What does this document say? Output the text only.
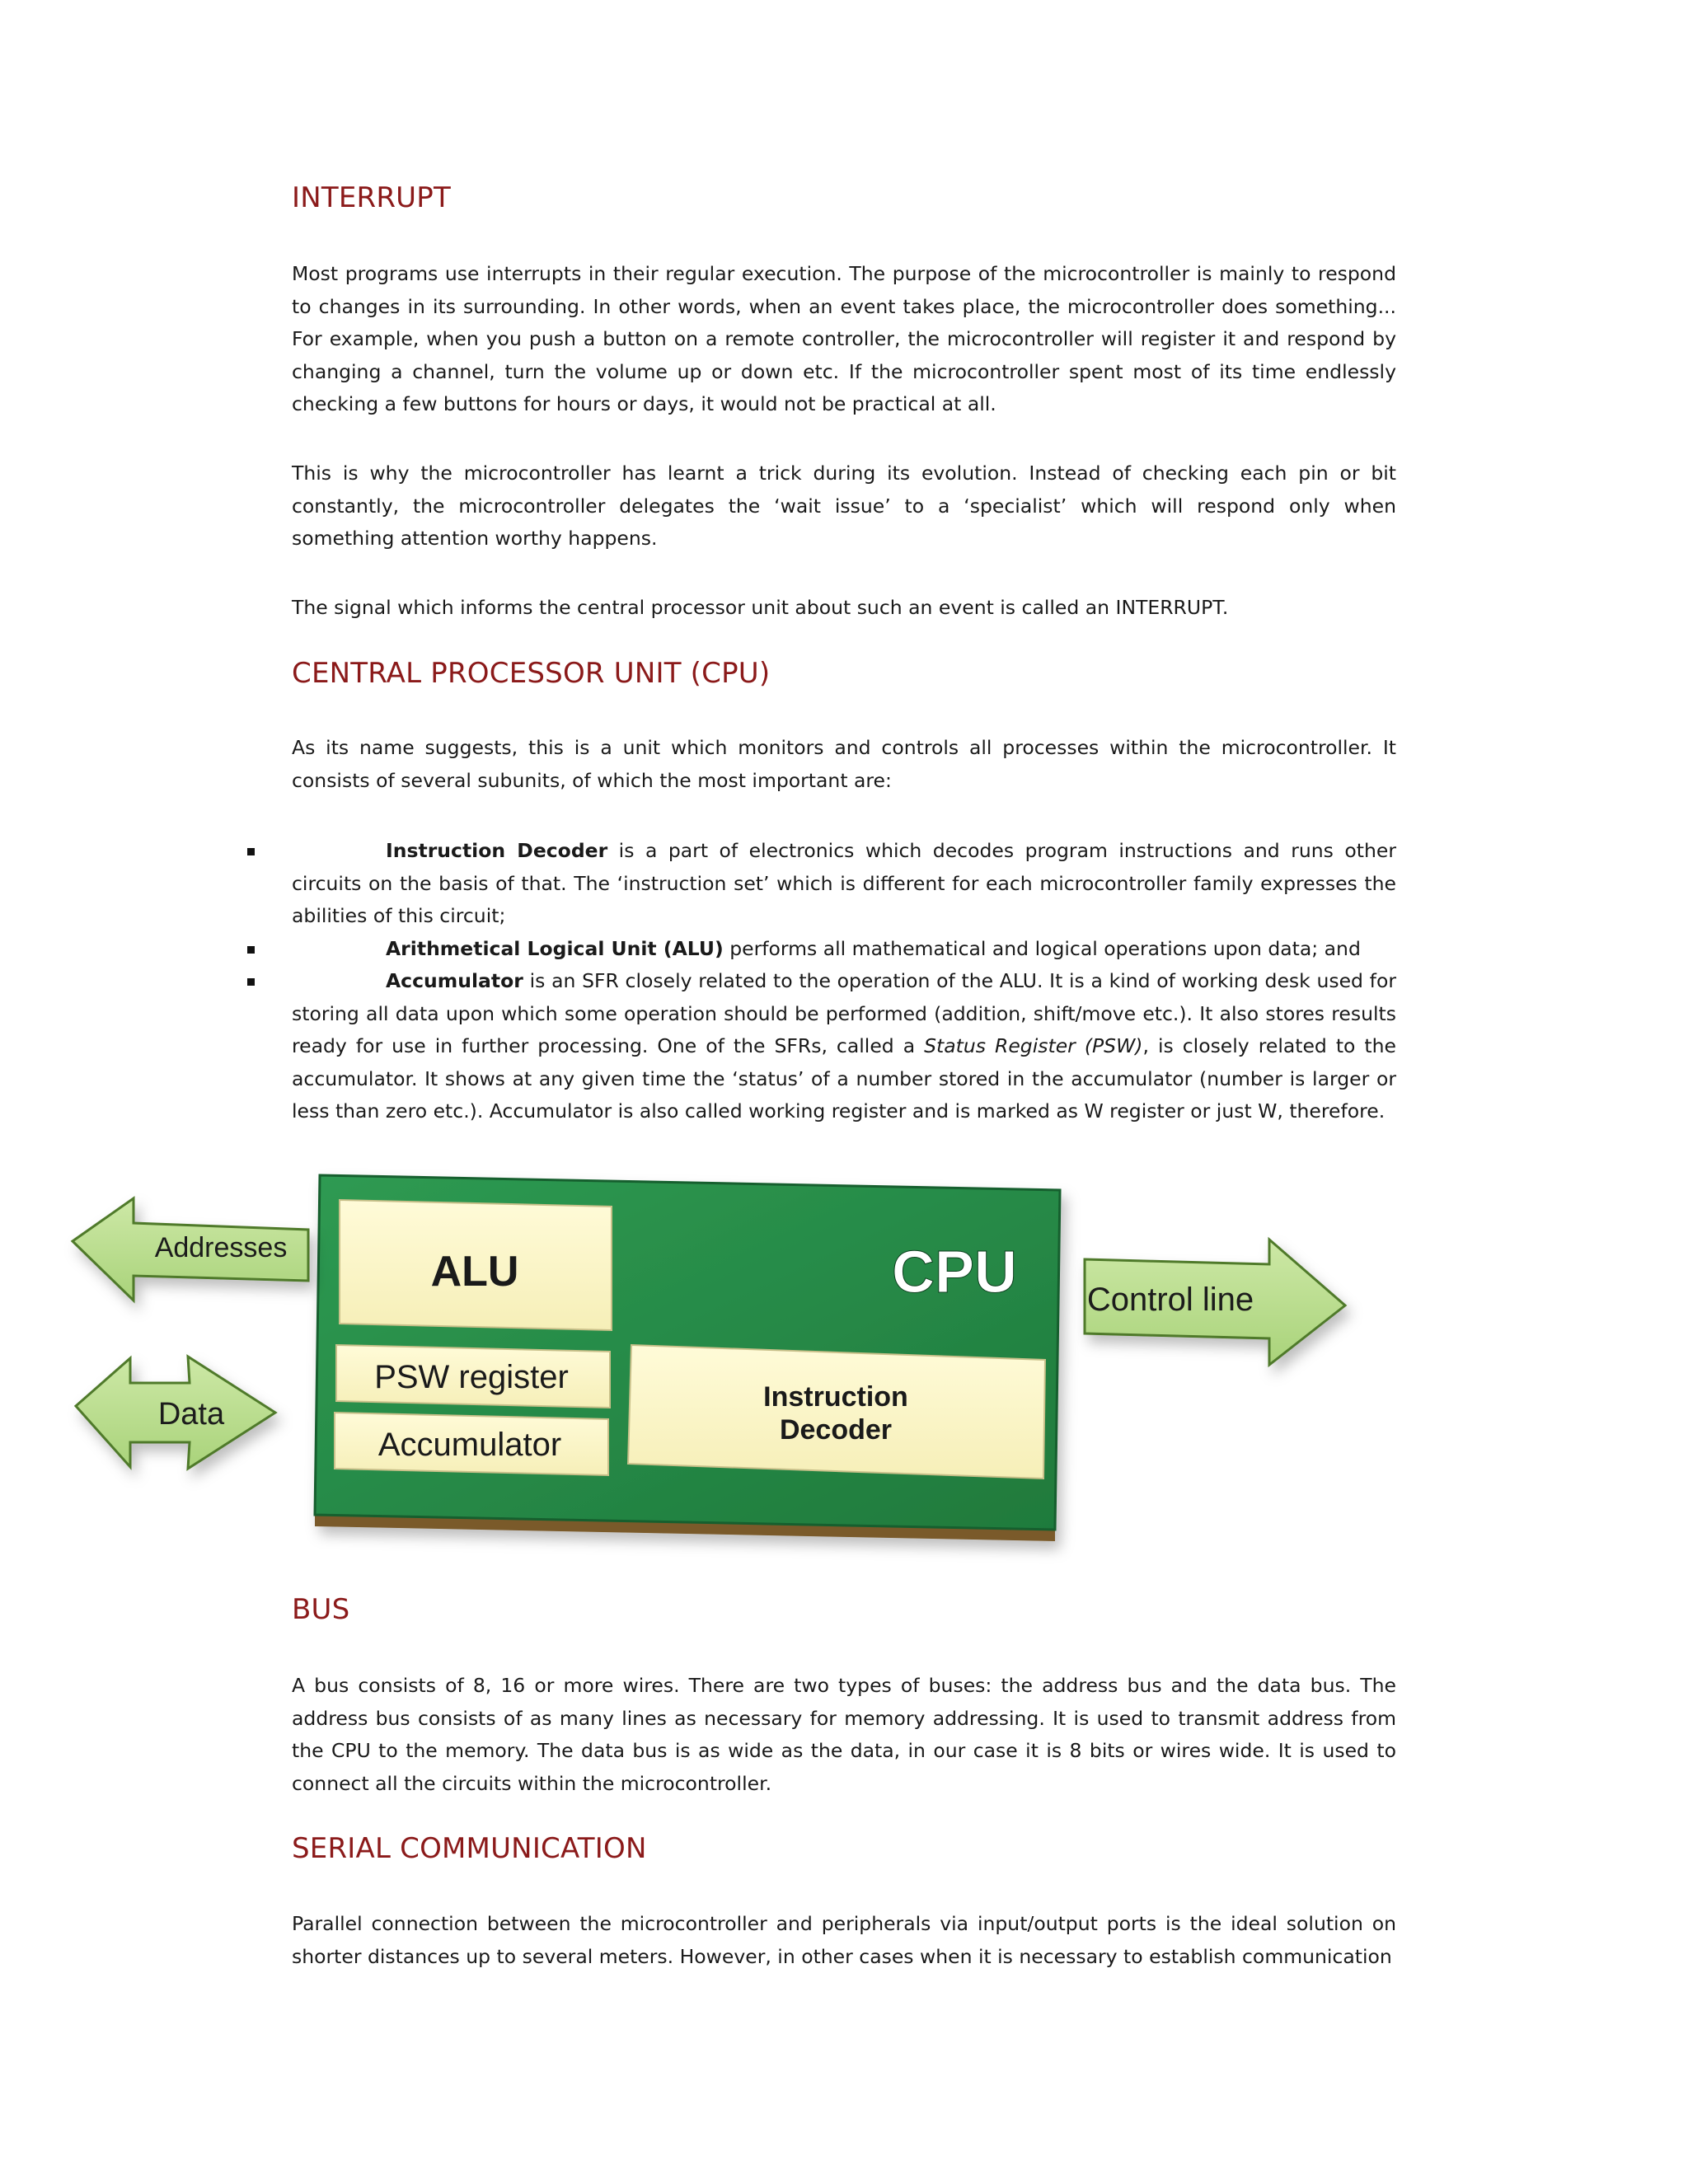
INTERRUPT

Most programs use interrupts in their regular execution. The purpose of the microcontroller is mainly to respond to changes in its surrounding. In other words, when an event takes place, the microcontroller does something... For example, when you push a button on a remote controller, the microcontroller will register it and respond by changing a channel, turn the volume up or down etc. If the microcontroller spent most of its time endlessly checking a few buttons for hours or days, it would not be practical at all.

This is why the microcontroller has learnt a trick during its evolution. Instead of checking each pin or bit constantly, the microcontroller delegates the ‘wait issue’ to a ‘specialist’ which will respond only when something attention worthy happens.

The signal which informs the central processor unit about such an event is called an INTERRUPT.

CENTRAL PROCESSOR UNIT (CPU)

As its name suggests, this is a unit which monitors and controls all processes within the microcontroller. It consists of several subunits, of which the most important are:

Instruction Decoder is a part of electronics which decodes program instructions and runs other circuits on the basis of that. The ‘instruction set’ which is different for each microcontroller family expresses the abilities of this circuit;
Arithmetical Logical Unit (ALU) performs all mathematical and logical operations upon data; and
Accumulator is an SFR closely related to the operation of the ALU. It is a kind of working desk used for storing all data upon which some operation should be performed (addition, shift/move etc.). It also stores results ready for use in further processing. One of the SFRs, called a Status Register (PSW), is closely related to the accumulator. It shows at any given time the ‘status’ of a number stored in the accumulator (number is larger or less than zero etc.). Accumulator is also called working register and is marked as W register or just W, therefore.
BUS

A bus consists of 8, 16 or more wires. There are two types of buses: the address bus and the data bus. The address bus consists of as many lines as necessary for memory addressing. It is used to transmit address from the CPU to the memory. The data bus is as wide as the data, in our case it is 8 bits or wires wide. It is used to connect all the circuits within the microcontroller.

SERIAL COMMUNICATION

Parallel connection between the microcontroller and peripherals via input/output ports is the ideal solution on shorter distances up to several meters. However, in other cases when it is necessary to establish communication

ALU	CPU
PSW register
Accumulator
Instruction
Decoder
Addresses
Data
Control line
